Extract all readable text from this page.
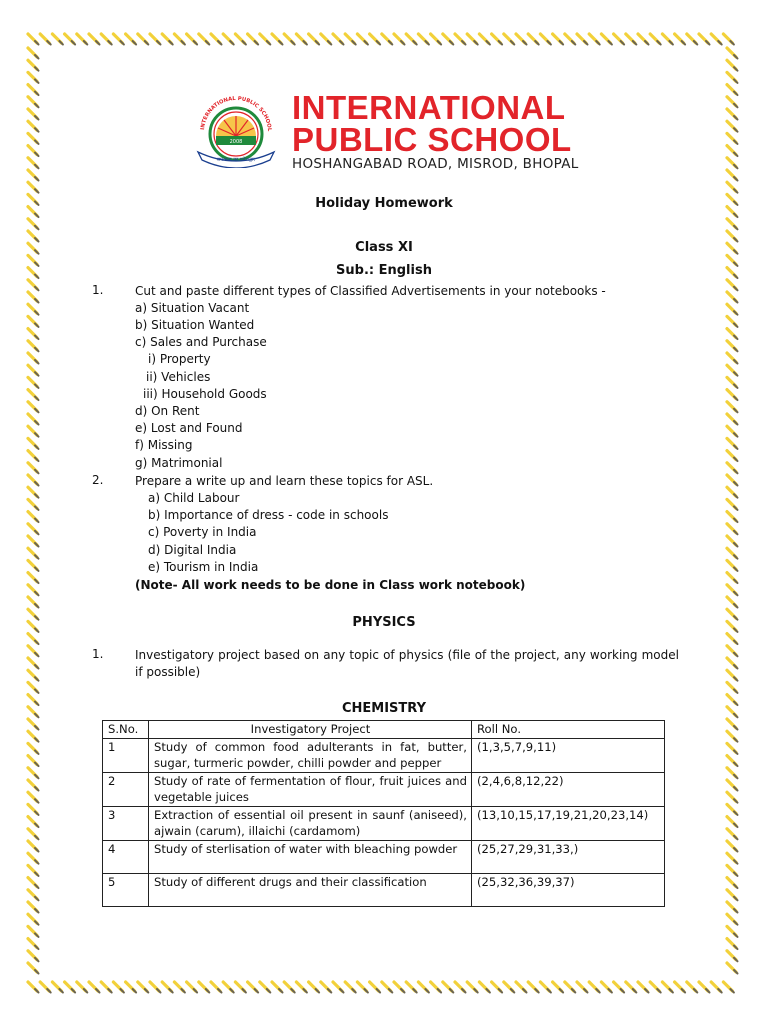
INTERNATIONAL PUBLIC SCHOOL
2008
सफलता का प्रवेशद्वार
INTERNATIONAL
PUBLIC SCHOOL
HOSHANGABAD ROAD, MISROD, BHOPAL
Holiday Homework
Class XI
Sub.: English
1.	Cut and paste different types of Classified Advertisements in your notebooks -
a) Situation Vacant
b) Situation Wanted
c) Sales and Purchase
i) Property
ii) Vehicles
iii) Household Goods
d) On Rent
e) Lost and Found
f) Missing
g) Matrimonial
2.	Prepare a write up and learn these topics for ASL.
a) Child Labour
b) Importance of dress - code in schools
c) Poverty in India
d) Digital India
e) Tourism in India
(Note- All work needs to be done in Class work notebook)
PHYSICS
1.	Investigatory project based on any topic of physics (file of the project, any working model if possible)
CHEMISTRY
S.No.	Investigatory Project	Roll No.
1	Study of common food adulterants in fat, butter, sugar, turmeric powder, chilli powder and pepper	(1,3,5,7,9,11)
2	Study of rate of fermentation of flour, fruit juices and vegetable juices	(2,4,6,8,12,22)
3	Extraction of essential oil present in saunf (aniseed), ajwain (carum), illaichi (cardamom)	(13,10,15,17,19,21,20,23,14)
4	Study of sterlisation of water with bleaching powder	(25,27,29,31,33,)
5	Study of different drugs and their classification	(25,32,36,39,37)
